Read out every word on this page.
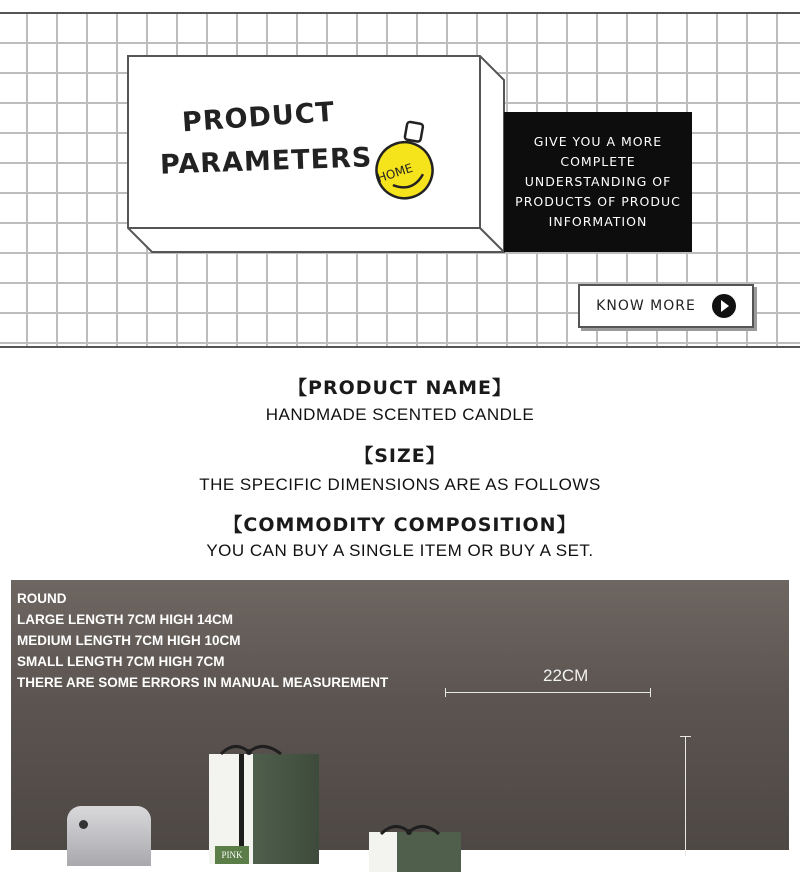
PRODUCT
PARAMETERS HOME
GIVE YOU A MORE
COMPLETE
UNDERSTANDING OF
PRODUCTS OF PRODUC
INFORMATION
KNOW MORE
【PRODUCT NAME】
HANDMADE SCENTED CANDLE
【SIZE】
THE SPECIFIC DIMENSIONS ARE AS FOLLOWS
【COMMODITY COMPOSITION】
YOU CAN BUY A SINGLE ITEM OR BUY A SET.
ROUND
LARGE LENGTH 7CM HIGH 14CM
MEDIUM LENGTH 7CM HIGH 10CM
SMALL LENGTH 7CM HIGH 7CM
THERE ARE SOME ERRORS IN MANUAL MEASUREMENT	22CM
PINK
